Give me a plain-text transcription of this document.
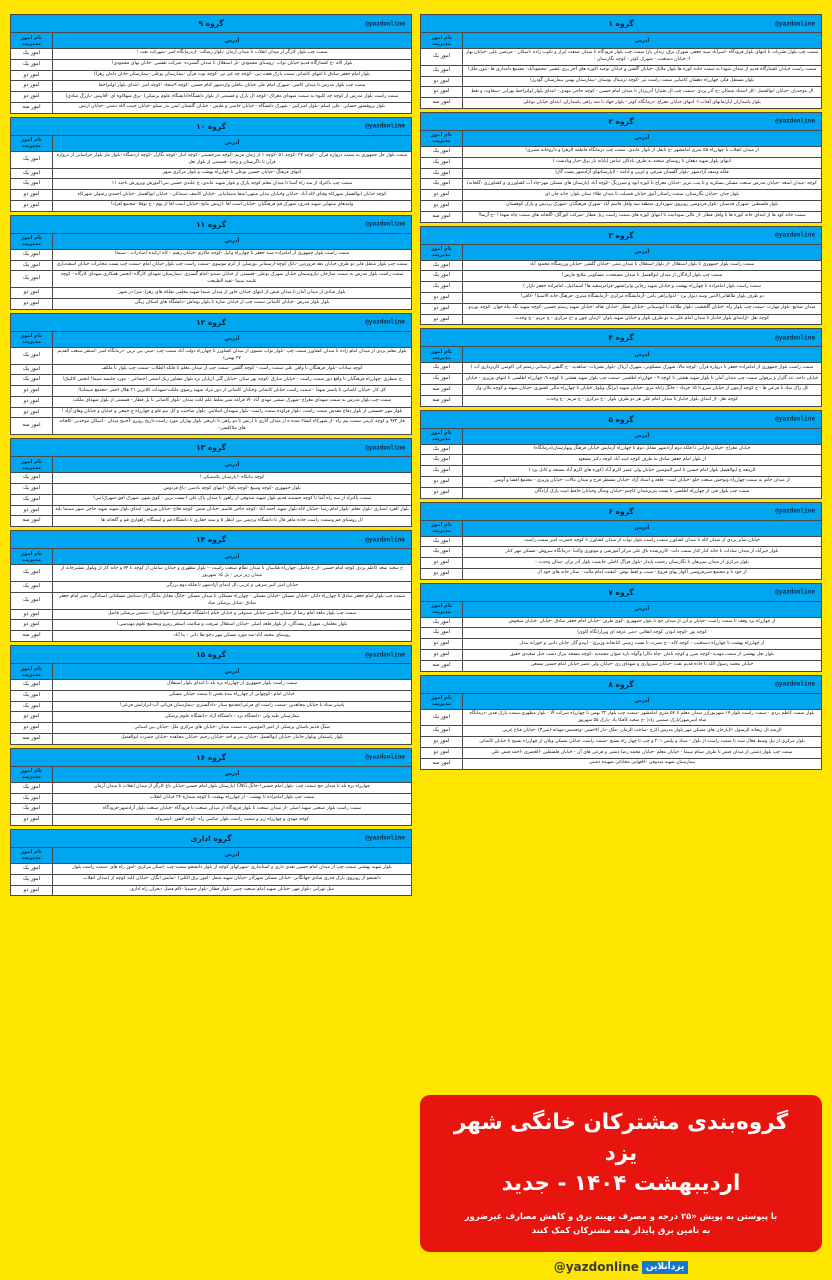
گروه ۱ @yazdonline	

آدرس	نام امور مدیریت
سمت چپ بلوار نشریات تا انتهای بلوار فرودگاه -امیرآباد سید جعفر، شهرک برق، زندان یازا سمت چپ بلوار فرودگاه تا میدان صنعت ابزار و تکوب زاده -اسکان - مرتضی علی -خیابان یهار ا- خیابان دستغیب - شهرک کوثر - کوچه نگارستان -	امور یک
سمت راست خیابان کشتارگاه قدیم از میدان شهدا به سمت جاده کوره ها بلوار ملاثک -خیابان گلشن و خیابان توحید اکوره های آجر پزی عشیر -محمودآباد- مجتمع دامداری ها -بتون ملک!	امور یک
بلوار مستقل فکر، چهارراه دهشان کامیابی سمت راست تیر -کوچه ترمینال بوستان -بیمارستان بهمن بیمارستان گودرز)	امور دو
ال موحدیان -خیابان ابوالفضل -کل استناد شمالی -خ آذر یزدی -سمت چپ ال بختیارا آذرپرداز تا میدان امام حسین - کوچه حاجی مهدی - ابتدای بلوار اولنزاخط نهرانی -سخاوت و نفط	امور دو
بلوار پاسداران اپارتمانهای آفتاب ا- انتهای خیابان معراج -درمانگاه کوثر - بلوار جهاد تا سه راهی پاسداران، ابتدای خیابان بوعلی	امور سه
گروه ۲ @yazdonline	

آدرس	نام امور مدیریت
از میدان انقلاب تا چهارراه ۵۵ متری امامشهر -خ نایقل از بلوار عابدی، سمت چپ درمانگاه فاطمه الزهرا و داروخانه مصری!	امور یک
انتهای بلوار شهید دهقان تا روستای شحنه به طرف بادکان عباس (پایانه بار برق-خیار ویادشت )	امور یک
فلکه وصف آزادشهر -بلوار گلستان شرقی و غربی و ادامه - ا(پارستانهای آزادشهر پست گاز)	امور یک
کوچه -میدان اسعد -خیابان مدرس صنعت مسکن بسکریه و تا پنب بتریز -خیابان معراج تا کوره ابود و سبزرنگ -کوچه آباد (پارستان های مسکن مهر-چاد آب کشاورزی و کشاورزی -گلخانه)	امور یک
بلوار جبان -خیابان نگارستان، سمت راستان آموز خیابان فضیلت تا میدان طلاء ستان بلوار، خانه جان ای	امور دو
بلوار فلسطین -شهرک قدسیان -بلوار فردوسی روبروی شهرداری منطقه سه واقل قاسم آباد -شهرک فرهنگیان -شهرک پردیس و پارک کوهستان	امور دو
سمت خانه کود ها از ابتدای خانه کوره ها تا واقل فطار -از عالی سودانیت تا انتهای کوره های سمت راست ریل فطار -شرکت کوزگک -گلخانه های سمت چاه شهدا ! -خ آزیما!	امور سه
گروه ۳ @yazdonline	

آدرس	نام امور مدیریت
سمت راست بلوار جمهوری تا بلوار استقلال -از بلوار استقلال تا میدان منتی -خیابان گلشن -خیابان ورزشگاه محمود آباد	امور یک
سمت چپ بلوار آزادگان از میدان ابوالفضل تا میدان مستحدث مسکونی ملایح فارس!	امور یک
سمت راست بلوار امامزاده تا چهارراه بهشت و خیابان شهید رجایی وایرانشهر-فرامزسعید ها! اسماعیل، امامزاده جعفر بازار )	امور یک
دو طرف بلوار طالقانی(لامین وسه دیوار یزد - لذوانراهی یامن -آزمایشگاه مرکزی -آزمایشگاه میثری -فرهنگ خانه الاسینا! -کافی!	امور دو
میدان صنایع -بلوار مهارت -سمت چپ بلوار راه -خیابان گلخشت -بلوار طلاعه تا ابوسینانی -خیابان قطار -خیابان نقاله -خیابان شهید رستم حسین -کوچه شهید نگه پناه جهان -کوچه بوردو	امور دو
کوچه بغل -ازابتدای بلوار جانباز تا میدان امام علی به دو طرف بلوار و خیابان شهید باوان -ازنیان چون و -خ مرکزی - ج مریم - ج وحدت	امور دو
گروه ۴ @yazdonline	

آدرس	نام امور مدیریت
سمت راست بلوار جمهوری از امامزاده جعفر تا درواره فرآن -کوچه مالا، شهرک مسکونی، شهرک آریاک -بلوار نشریات -شاهدیه - خ گلشن ارستانی رستم کی اکوسن کاربزداری آب )	امور یک
خیابان داخه، تند گلزار و پرفولن سمت چپ میدان آمان تا بلوار شهید هشتی تا کوچه ۹ - چهارراه اطلسی -سمت چپ بلوار شهید هشتی تا کوچه ۹، چهارراه اطلسی تا انتهای وزیری - خیابان	امور یک
کل راک شاد با فرعی ها - خ کوچه آزمون از خیابان سرو تا ۱۵ خرداد - خانگ زاباه مری -خیابان شهید ایرانگ وبلوار خیابان تا چهارراه مالی کشوری -خیابان شهید و کوچه نکان وار	امور سه
کوچه نعل -از ابتدای بلوار جانباز تا میدان امام علی هر دو طرف بلوار - خ مرکزی - ج مریم - ج وحدت	امور سه
گروه ۵ @yazdonline	

آدرس	نام امور مدیریت
خیابان معراج -خیابان فارابی تا فلکه دوم آزادشهر مقابل دوم تا چهارراه آزمایش خیابان فرهنگ وبهارستان(درمانگاه)	امور یک
از بلوار امام جعفر صادق به طرف کوچه غیید آباد کوچه دکتر مسعود	امور یک
الربیعه خ ابوالفضل بلوار امام حسین تا امیر المومنین خیابان ولی عصر اکرم آباد (کوره های اکرم آباد مسجد و کانل یزد )	امور یک
از میدان خاتم به سمت چهارراه وتوحش صنعت جلو -خیابان امت - قلعه و استاد آزاد -خیابان مشظر قرح و میدان مالات -خیابان وزیری - مجتمع افشا و آویس	امور دو
سمت چپ بلوار فنی از چهارراه اطلسی تا پست بتریزمیدان کاچیم -خیابان وصال وخیابان حافظ ابیت یارک آزادگان	امور دو
گروه ۶ @yazdonline	

آدرس	نام امور مدیریت
خیابان صابر بردی از میدان لاله تا میدان کشاورز سمت راست بلوار نواب از میدان کشاورز تا کوچه حضرت امیر سمت راست	امور یک
بلوار خیرآباد از میدان سادات تا خانه کنار کنار سمت دلت -کارپرشده باق علی مرکز آموزشی و موتوری واکبنا -درمانگاه سروش -مسکن مهر کنار	امور یک
بلوار مرکزی از میدان سبزهان تا نگارستان رحمت بایدار -بلوار فراگ کاملی جانمیت بلوار آذر پزان -سالن وحدت -	امور دو
از خود تا و مجتمع شیرفروشی اکوار بهای فروغ - سبب و لفظ بوش -کیفیت امام مالت - ستار خانه های خود ال	امور دو
گروه ۷ @yazdonline	

آدرس	نام امور مدیریت
از چهارراه برد وقف تا سمت راست -خیابان و ابن از میدان حج تا بلوار جمهوری -کوی طرف -خیابان امام جعفر صادق -خیابان -خیابان میخوش	امور یک
کوچه نور -کوچه ابوذر، کوچه انقلابی -دمی عرفه ای ویزارانگاه اکوی)	امور یک
از چهارراه بهشت تا چهارراه دستخیب - کوچه لاله - خ نصرت تا پست زمینی کتابخانه وزیری - (پیدو گاز، خانان دانبی و خورانه بیدار	امور دو
بلوار نعل بهشتی از سمت مهدیه -کوچه ضرر و کوچه نامان -چاه دکارا وگواه باره ضوان محمدیه -کوچه مسجد بیراز دشت جبل سعیدی حقیق	امور دو
خیابان محمد رسول الله تا جاده قدیم تفت -خیابان سبزواری و شهدای زی -خیابان ولی عصر خیابان امام حسین مسعی	امور سه
گروه ۸ @yazdonline	

آدرس	نام امور مدیریت
بلوار سمت کاظم یزدی - سمت راست بلوار ۱۷ شهریورارز میدان معلم تا ۵۴ متری امامشهر -سمت چپ بلوار ۲۲ بهمن تا چهارراه شرکت آلا - بلوار مظهری سمت پارک فدیر -درمانگاه شاه امیرشهر)پارک ضمینی زاد( -ح سعید کافکا یاد -پارک ۵۵ شهرپور	امور یک
الرمیه ال ریحانه الرسول -ا(پارخان های مسکن مهر بلوار مدرس اکرج -صاحب الزمان -ملک -دار الاحسن -وتخصص-مهنانه-اصن۳) -خیابان فتاح غربی	امور یک
بلوار مرکزی از نیل وسط فعال سبد تا سمت راست از بلوار - ستاد و پلیس ۲۰۱ و چپ تا چهار راه بسیج -سمت راست خیابان مسکن ویلان از چهارراه بسیج تا خیابان کاشانی	امور دو
سمت چپ بلوار دشتی از میدان فیض تا طرف صنام سیما - خیابان معلم -خیابان محمد رضا دشتی و فرعی های آن - خیابان فلسطین -الخضری -احمد فیض علی	امور دو
بیمارستان شهید صدوقی -کافهایی مخاباتی شهیده دشتی	امور سه
گروه‌بندی مشترکان خانگی شهر یزد
اردیبهشت ۱۴۰۴ - جدید
با پیوستن به پویش «۲۵ درجه و مصرف بهینه برق و کاهش مصارف غیرضرور
به تامین برق پایدار همه مشترکان کمک کنند
@yazdonline یزدآنلاین
گروه ۹ @yazdonline	

آدرس	نام امور مدیریت
سمت چپ بلوار کارگر از میدان انقلاب تا میدان آرمان -بلوار رسالت -ازدرمانگاه امیر -شهرکت نفت !	امور یک
بلوار لاله -خ کشتارگاه قدیم-خیابان نواب -روستای محمودی -بل استقلال تا میدان گسترده -شرکت نقشین -خانان بهای محمودی!	امور یک
بلوار امام جعفر صادق تا انتهای کاشانی سمت پارک هفت تیر، -کوچه چه غیر نیر -کوچه نوت فرآن -بیمارستان بوعلی -بیمارستان خانان دامان زهرا)	امور دو
سمت چپ بلوار مدرس تا میدان کاشی -شهرک امام علی خیابان بناقلی وازدشهر کنام حسین -کوچه ۹سجاد -کوچه امیر -ابتدای بلوار اولنزاخط	امور دو
سمت راست بلوار مدرس از کوچه چه کلیوه به سمت شهدای معراک -کوچه ال پارک و قسمتی از بلوار دانشگاه(دانشگاه علوم پزشکی) -برق شهلالوه ای -آقاپیش -بازرگ شادی)	امور دو
بلوار پروفسور حسابی -علی اسلم -بلوار امیرکبیر - شهرک دانشگاه - خیابان خاصی و طبس - خیابان گلستان ایمن بذر سیلو -خیابان حبیب الله دشتی -خیابان ارتش	امور سه
گروه ۱۰ @yazdonline	

آدرس	نام امور مدیریت
سمت بلوار جل جمهوری به سمت درواره فرآن - کوچه ۲۷ -کوچه ۵۱ -کوچه ۱ از زمان مریم -کوچه میرحسینی -کوچه انبار -کوچه نگارل -کوچه ازدشگاه -بلوار مار بلوار خراسانی از درواره فرآن تا ناگرستان و وحید -قسمتی از بلوار نعل	امور یک
انتهای فرهنگ -خیابان حسین بوعلی تا چهارراه بهشت و بلوار مرکزی شهر	امور یک
سمت چپ یاکنزاد از سه راه آسنا تا میدان معلم کوچه پارک و بلوار شهید عابدی، خ علیدی حسین بنی!آموزش وپرورش ناحیه ۱۱	امور یک
کوچه خیابان ابوالفضل شهرکاه وقتای لاله آباد -خیابان وخیابان بیدان منتهی!شفا سیمانیاتی -خیابان کاشف سیمانان - خیابان ابوالفضل -خیابان احمدی رضوان شهرکاه	امور دو
وامدهای ستهایی شهید فدری، شهرک قم فرهنگیان -خیابان است اقا -ازپیش مانخ -خیابان است اقا از یوم - خ نوفلا -مجتمع افراد!	امور دو
گروه ۱۱ @yazdonline	

آدرس	نام امور مدیریت
سمت راست بلوار جمهوری از امامزاده سید جعفر تا چهارراه وکیل -کوچه مالارم -خیابان رهیم - کاه ارکیده )صادرات - سیما(	امور یک
سمت چپ بلوار منتقل فایر دو طرف خیابان دهه فروردین -بانک کوچه-ارسمانی بورسلی از کرم موسوی -سمت راست چپ بلوار خیابان امام -سمت چپ پست مخابرات خیابان اسفندیاری	امور یک
سمت راست بلوار مدرس به سمت نمازخان نیازوسیمان خیابان شهرک بوعلی -قسمتی از خیابان سندو -امام گستری -بیمارستان شهدای کارگاه -انجمن همکاری شهدای کارگاه - کوچه علیمه سیما -تقیه الطبیعت	امور یک
بلوار شادی از میدان آمان تا میدان فیض-از انتهای خیابان خاور از میدان سیما-شهید معلمی تفلکه های زهرا -میرا در شهر	امور دو
بلوار بلوار مدرس -خیابان کاشانی سمت چپ از خیابان نمازه تا بلوار یوماش -دانشگاه های اسکان زیگی	امور دو
گروه ۱۲ @yazdonline	

آدرس	نام امور مدیریت
بلوار معلم بردی از میدان امام زاده تا میدان کشاورز سمت چپ -بلوار نواب مصوی از میدان کشاورز تا چهارراه دولت آباد سمت چپ -مینی بین ترین -درمانگاه امیر -استقر صنعت القدیم ۲۷ بهمن)	امور یک
کوچه سادات -بلوار فرهنگان تا واقی علی سمت راست - کوچه گلشن -سمت چپ از میدان معلم تا فلکه الطلاب -سمت چپ بلوار تا ملکف	امور یک
خ منظری -چهارراه فرهنگیان تا واقع دور سمت راست - خیابان شارق -کوچه نهر ستان -خیابان گلی ازپایان برد بلوار مشاور زیک اسمی اجتماعی - مورد جلیسه سیما! انجمن کالنیک!	امور یک
کل کار -خیابان کاشانی تا پاستر شهدا - سمت راست خیابان کاشانی وخیابان کاشانی از دور مراد شهید رضوی ملکت-شهدات کلاترین ۲۱ هلال احمر -مجتمع سیمانیا!	امور دو
سمت چپ بلوار مدرس به سمت شهدای معراج -شهرک سمتی مهدی آباد -الا فراغه شبر منلظ علم لکت میدان -بلوار کاشانی تا بل فطار - قسمتی از بلوار شهدای ملکت	امور دو
بلوار مهر -قسمتی از بلوار دفاع مقدس سمت راست -بلوار فراوده سمت راست -بلوار شهیدان اسلامی -بلوار صاحبت و کل نیم غلو و چهارراه چ جمعی و خیابان و خیابان وهای آزاد !	امور دو
قاز ۹۷۲ و کوچه کرمی سمت نیم راه -از شهرکاه انشاء شده ه از میدان آثاری تا ارتش تا دو راهی تا تاریخی بلوار بهاران مورد راست-تاریخ روبرو -آخنیج میدان - اسکان موحدین -کلخانه های ملاکلشی-	امور سه
گروه ۱۳ @yazdonline	

آدرس	نام امور مدیریت
کوچه نبانکاه -!پارسیان پلاستیکی !	امور یک
بلوار جمهوری -کوچه وسیع -کوچه بافک -انتهای کوچه بادسن -باغ فردوس	امور یک
سمت پاکنزاد از سه راه آمنا تا کوچه حسینیه قدیم بلوار شهید صدوقی از راهور تا میدان پاک علی ا-پست بزین - کوی شهر، شهرک افق-شهرک!نبی!	امور یک
بلوار الفرد انصاری -بلوار معلم -بلوار امام رضا -خیابان لاله-بلوار شهید احمد آباد -کوچه حاجی قاسم -خیابان شش -کوچه فلاح -خیابان ورزش- ابتدای بلوار شهید شهید حاجی شهر سینما بلند	امور دو
ال روستای قم وسمت راست جاده ماهر فال تا دانشگاه پردیس بین انتقل ۵ و ستد حفاری تا دانشگاه قم و ایستگاه راهواری قم و گلخانه ها	امور سه
گروه ۱۴ @yazdonline	

آدرس	نام امور مدیریت
خ سعید صعد کاظم یزدی کوچه امام حسین -از خ فاضل، چهارراه هکبییان تا میدان نظام صنعت راست -- بلوار مظهری و خیابان سامان از کوچه تا ۷۴ و خانه کار از ویلوار مشیرخانه از میدان زیر ترین - بل ۱۵ شهریور	امور یک
خیابان امیر کبیر شرقی و غربی ،ال ابتدای آزادشهر تا فلکه دوم بزرگی	امور یک
سمت چپ بلوار امام جعفر صادق تا چهارراه دلتان -خیابان مسکن -خیابان مسکن - چهارراه مسکلی تا میدان مسکن -خانگ مقابل مانگان ال-مینانش مسکنانی استادگی، دفتر امام جعفر صادق -شانل پزشکی شاد	امور یک
سمت چپ بلوار ملعه امام رضا از میدان خانمی-خیابان صدوقی و خیابان خیام (دانشگاه فرهنگیان) -خوانارن) - دشمن پزشکی فاضل	امور دو
بلوار معلمان، شهرک ریشدگان، از بلوار قلعه اصلی -خیابان استقلال شرقت و سلامت استقر رمزو ومجتمع علوم مهندسی!	امور دو
روستای محمد آباد-سه مورد مسکن مهر دخو-طا دانی - بنا آباد	امور سه
گروه ۱۵ @yazdonline	

آدرس	نام امور مدیریت
سمت راست بلوار جمهوری از چهارراه بزه بلد تا ابتدای بلوار استقلال	امور یک
خیابان امام -کوچهانی از چهارراه بنده بخش تا سمت خیابان مسکن	امور یک
پاستر ستاد با خیابان مجاهدین -سمت راست ای فرعی/مجتمع ستار -دادگستری -بیمارستان قربانی آب-ابرازایش فرعی!	امور یک
بیمارستان طبه ولی -دانشگاه یزد - دانشگاه آزاد -دانشگاه علوم پزشکی	امور دو
سنگ قدیم باستان پزشکی از امیر المومنین به سمت میدان -خیابان های مرکزی ملل -خیابان بین استانی	امور دو
بلوار پاستمان وبلوار جانباز -خیابان ابوالفضل -خیابان پدر و احد -خیابان رحیم -خیابان مجاهده -خیابان حضرت ابوالفضل	امور سه
گروه ۱۶ @yazdonline	

آدرس	نام امور مدیریت
چهارراه بزه بلد تا میدان حج سمت چپ -بلوار امام حسین!-خانگ CNG )پارستان بلوار امام حسین-خیابان باغ کارگر از میدان انقلاب تا میدان آرمان	امور یک
سمت چپ بلوار امامزاده تا بهشت - از چهارراه بهشت تا کوچه شماره ۲۴ خیابان انقلاب	امور یک
سمت راست بلوار صنعتی شهید اصلی -از میدان صنعت تا بلوار فرودگاه از میدان صنعت تا فرودگاه -خیابان صنعت بلوار آزادشهر-فرودگاه	امور یک
کوچه مهدی و چهارراه زیر و سمت راست بلوار عباسی راه -کوچه لاهور -اشتروکه	امور دو
گروه اداری @yazdonline	

آدرس	نام امور مدیریت
بلوار شهید بهشتی سمت چپ از میدان امام حسین بعدی داری و استانداری -شهرکهای کوچه از بلوار دانشجو سمت چپ -استان مرکزی -امور راه های -سمت راست بلوار	امور یک
دانشجو از روبروی یارک فدری شادی جهانگانی -خیابان مسکن شهرآذر -خیابان شهید شمل -امور برق اکتلی) -نمایش ابگان -خیابان کلیه کوچه از (میدان انقلاب	امور یک
منل تهرانی -بلوار مهر -خیابان شهید امام صنعت چینی -بلوار فطار -بلوار حمیدیا -کام فصل -بحران راه اداری	امور دو
